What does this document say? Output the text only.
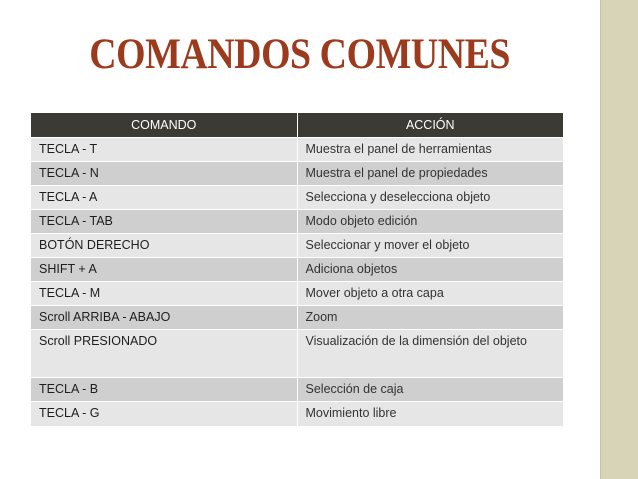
COMANDOS COMUNES
COMANDO	ACCIÓN
TECLA - T	Muestra el panel de herramientas
TECLA - N	Muestra el panel de propiedades
TECLA - A	Selecciona y deselecciona objeto
TECLA - TAB	Modo objeto edición
BOTÓN DERECHO	Seleccionar y mover el objeto
SHIFT + A	Adiciona objetos
TECLA - M	Mover objeto a otra capa
Scroll ARRIBA - ABAJO	Zoom
Scroll PRESIONADO	Visualización de la dimensión del objeto
TECLA - B	Selección de caja
TECLA - G	Movimiento libre
